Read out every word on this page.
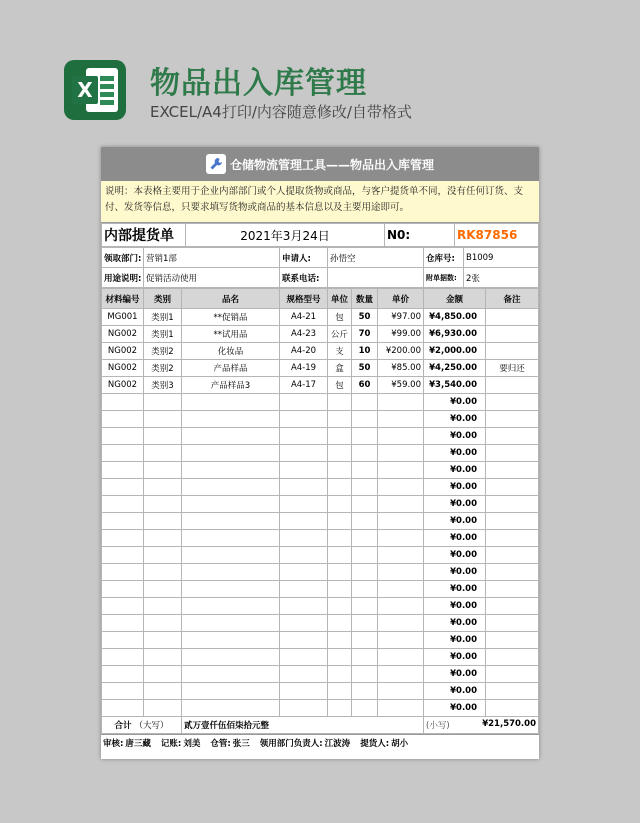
X 物品出入库管理
EXCEL/A4打印/内容随意修改/自带格式
仓储物流管理工具——物品出入库管理
说明：本表格主要用于企业内部部门或个人提取货物或商品，与客户提货单不同，没有任何订货、支付、发货等信息，只要求填写货物或商品的基本信息以及主要用途即可。
内部提货单	2021年3月24日	N0:	RK87856
领取部门:	营销1部	申请人:	孙悟空	仓库号:	B1009
用途说明:	促销活动使用	联系电话:		附单据数:	2张
材料编号	类别	品名	规格型号	单位	数量	单价	金额	备注
MG001	类别1	**促销品	A4-21	包	50	¥97.00	¥4,850.00	
NG002	类别1	**试用品	A4-23	公斤	70	¥99.00	¥6,930.00	
NG002	类别2	化妆品	A4-20	支	10	¥200.00	¥2,000.00	
NG002	类别2	产品样品	A4-19	盒	50	¥85.00	¥4,250.00	要归还
NG002	类别3	产品样品3	A4-17	包	60	¥59.00	¥3,540.00	
							¥0.00	
							¥0.00	
							¥0.00	
							¥0.00	
							¥0.00	
							¥0.00	
							¥0.00	
							¥0.00	
							¥0.00	
							¥0.00	
							¥0.00	
							¥0.00	
							¥0.00	
							¥0.00	
							¥0.00	
							¥0.00	
							¥0.00	
							¥0.00	
							¥0.00	
合计 （大写）		贰万壹仟伍佰柒拾元整					(小写) ¥21,570.00	
审核: 唐三藏 记账: 刘美 仓管: 张三 领用部门负责人: 江波涛 提货人: 胡小
